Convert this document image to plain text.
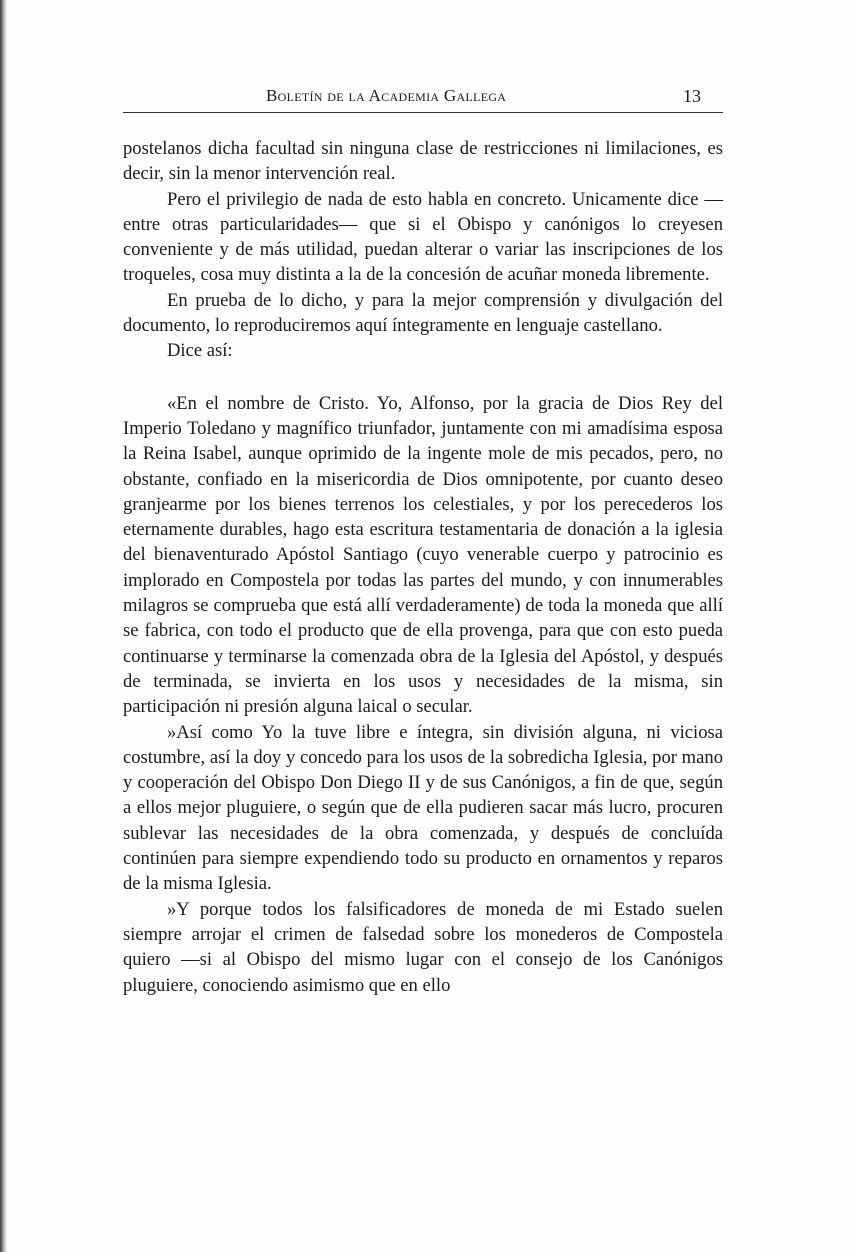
Boletín de la Academia Gallega	13

postelanos dicha facultad sin ninguna clase de restricciones ni limilaciones, es decir, sin la menor intervención real.

Pero el privilegio de nada de esto habla en concreto. Unicamente dice —entre otras particularidades— que si el Obispo y canónigos lo creyesen conveniente y de más utilidad, puedan alterar o variar las inscripciones de los troqueles, cosa muy distinta a la de la concesión de acuñar moneda libremente.

En prueba de lo dicho, y para la mejor comprensión y divulgación del documento, lo reproduciremos aquí íntegramente en lenguaje castellano.

Dice así:

«En el nombre de Cristo. Yo, Alfonso, por la gracia de Dios Rey del Imperio Toledano y magnífico triunfador, juntamente con mi amadísima esposa la Reina Isabel, aunque oprimido de la ingente mole de mis pecados, pero, no obstante, confiado en la misericordia de Dios omnipotente, por cuanto deseo granjearme por los bienes terrenos los celestiales, y por los perecederos los eternamente durables, hago esta escritura testamentaria de donación a la iglesia del bienaventurado Apóstol Santiago (cuyo venerable cuerpo y patrocinio es implorado en Compostela por todas las partes del mundo, y con innumerables milagros se comprueba que está allí verdaderamente) de toda la moneda que allí se fabrica, con todo el producto que de ella provenga, para que con esto pueda continuarse y terminarse la comenzada obra de la Iglesia del Apóstol, y después de terminada, se invierta en los usos y necesidades de la misma, sin participación ni presión alguna laical o secular.

»Así como Yo la tuve libre e íntegra, sin división alguna, ni viciosa costumbre, así la doy y concedo para los usos de la sobredicha Iglesia, por mano y cooperación del Obispo Don Diego II y de sus Canónigos, a fin de que, según a ellos mejor pluguiere, o según que de ella pudieren sacar más lucro, procuren sublevar las necesidades de la obra comenzada, y después de concluída continúen para siempre expendiendo todo su producto en ornamentos y reparos de la misma Iglesia.

»Y porque todos los falsificadores de moneda de mi Estado suelen siempre arrojar el crimen de falsedad sobre los monederos de Compostela quiero —si al Obispo del mismo lugar con el consejo de los Canónigos pluguiere, conociendo asimismo que en ello
